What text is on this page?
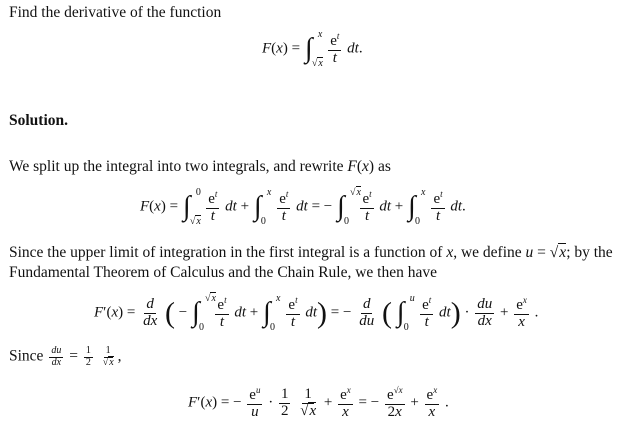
Find the derivative of the function
F(x) = ∫ x
√x
$\frac{e^t}{t}$ dt.
Solution.
We split up the integral into two integrals, and rewrite F(x) as
F(x) = ∫ 0
√x
$\frac{e^t}{t}$ dt + ∫ x
0
$\frac{e^t}{t}$ dt = − ∫ √x
0
$\frac{e^t}{t}$ dt + ∫ x
0
$\frac{e^t}{t}$ dt.
Since the upper limit of integration in the first integral is a function of x, we define u = √x; by the
Fundamental Theorem of Calculus and the Chain Rule, we then have
$F'(x) = \frac{d}{dx}$ ( − ∫ √x
0
$\frac{e^t}{t}$ dt + ∫ x
0
$\frac{e^t}{t} dt$) = − $\frac{d}{du}$ ( ∫ u
0
$\frac{e^t}{t} dt) \cdot \frac{du}{dx} + \frac{e^x}{x}$ .
Since $\frac{du}{dx} = \frac{1}{2}$
$\frac{1}{√x}$ ,
F′(x) = − $\frac{e^u}{u} \cdot \frac{1}{2}$
$\frac{1}{√x} + \frac{e^x}{x}$ = − $\frac{e^{√x}}{2x} + \frac{e^x}{x}$ .
